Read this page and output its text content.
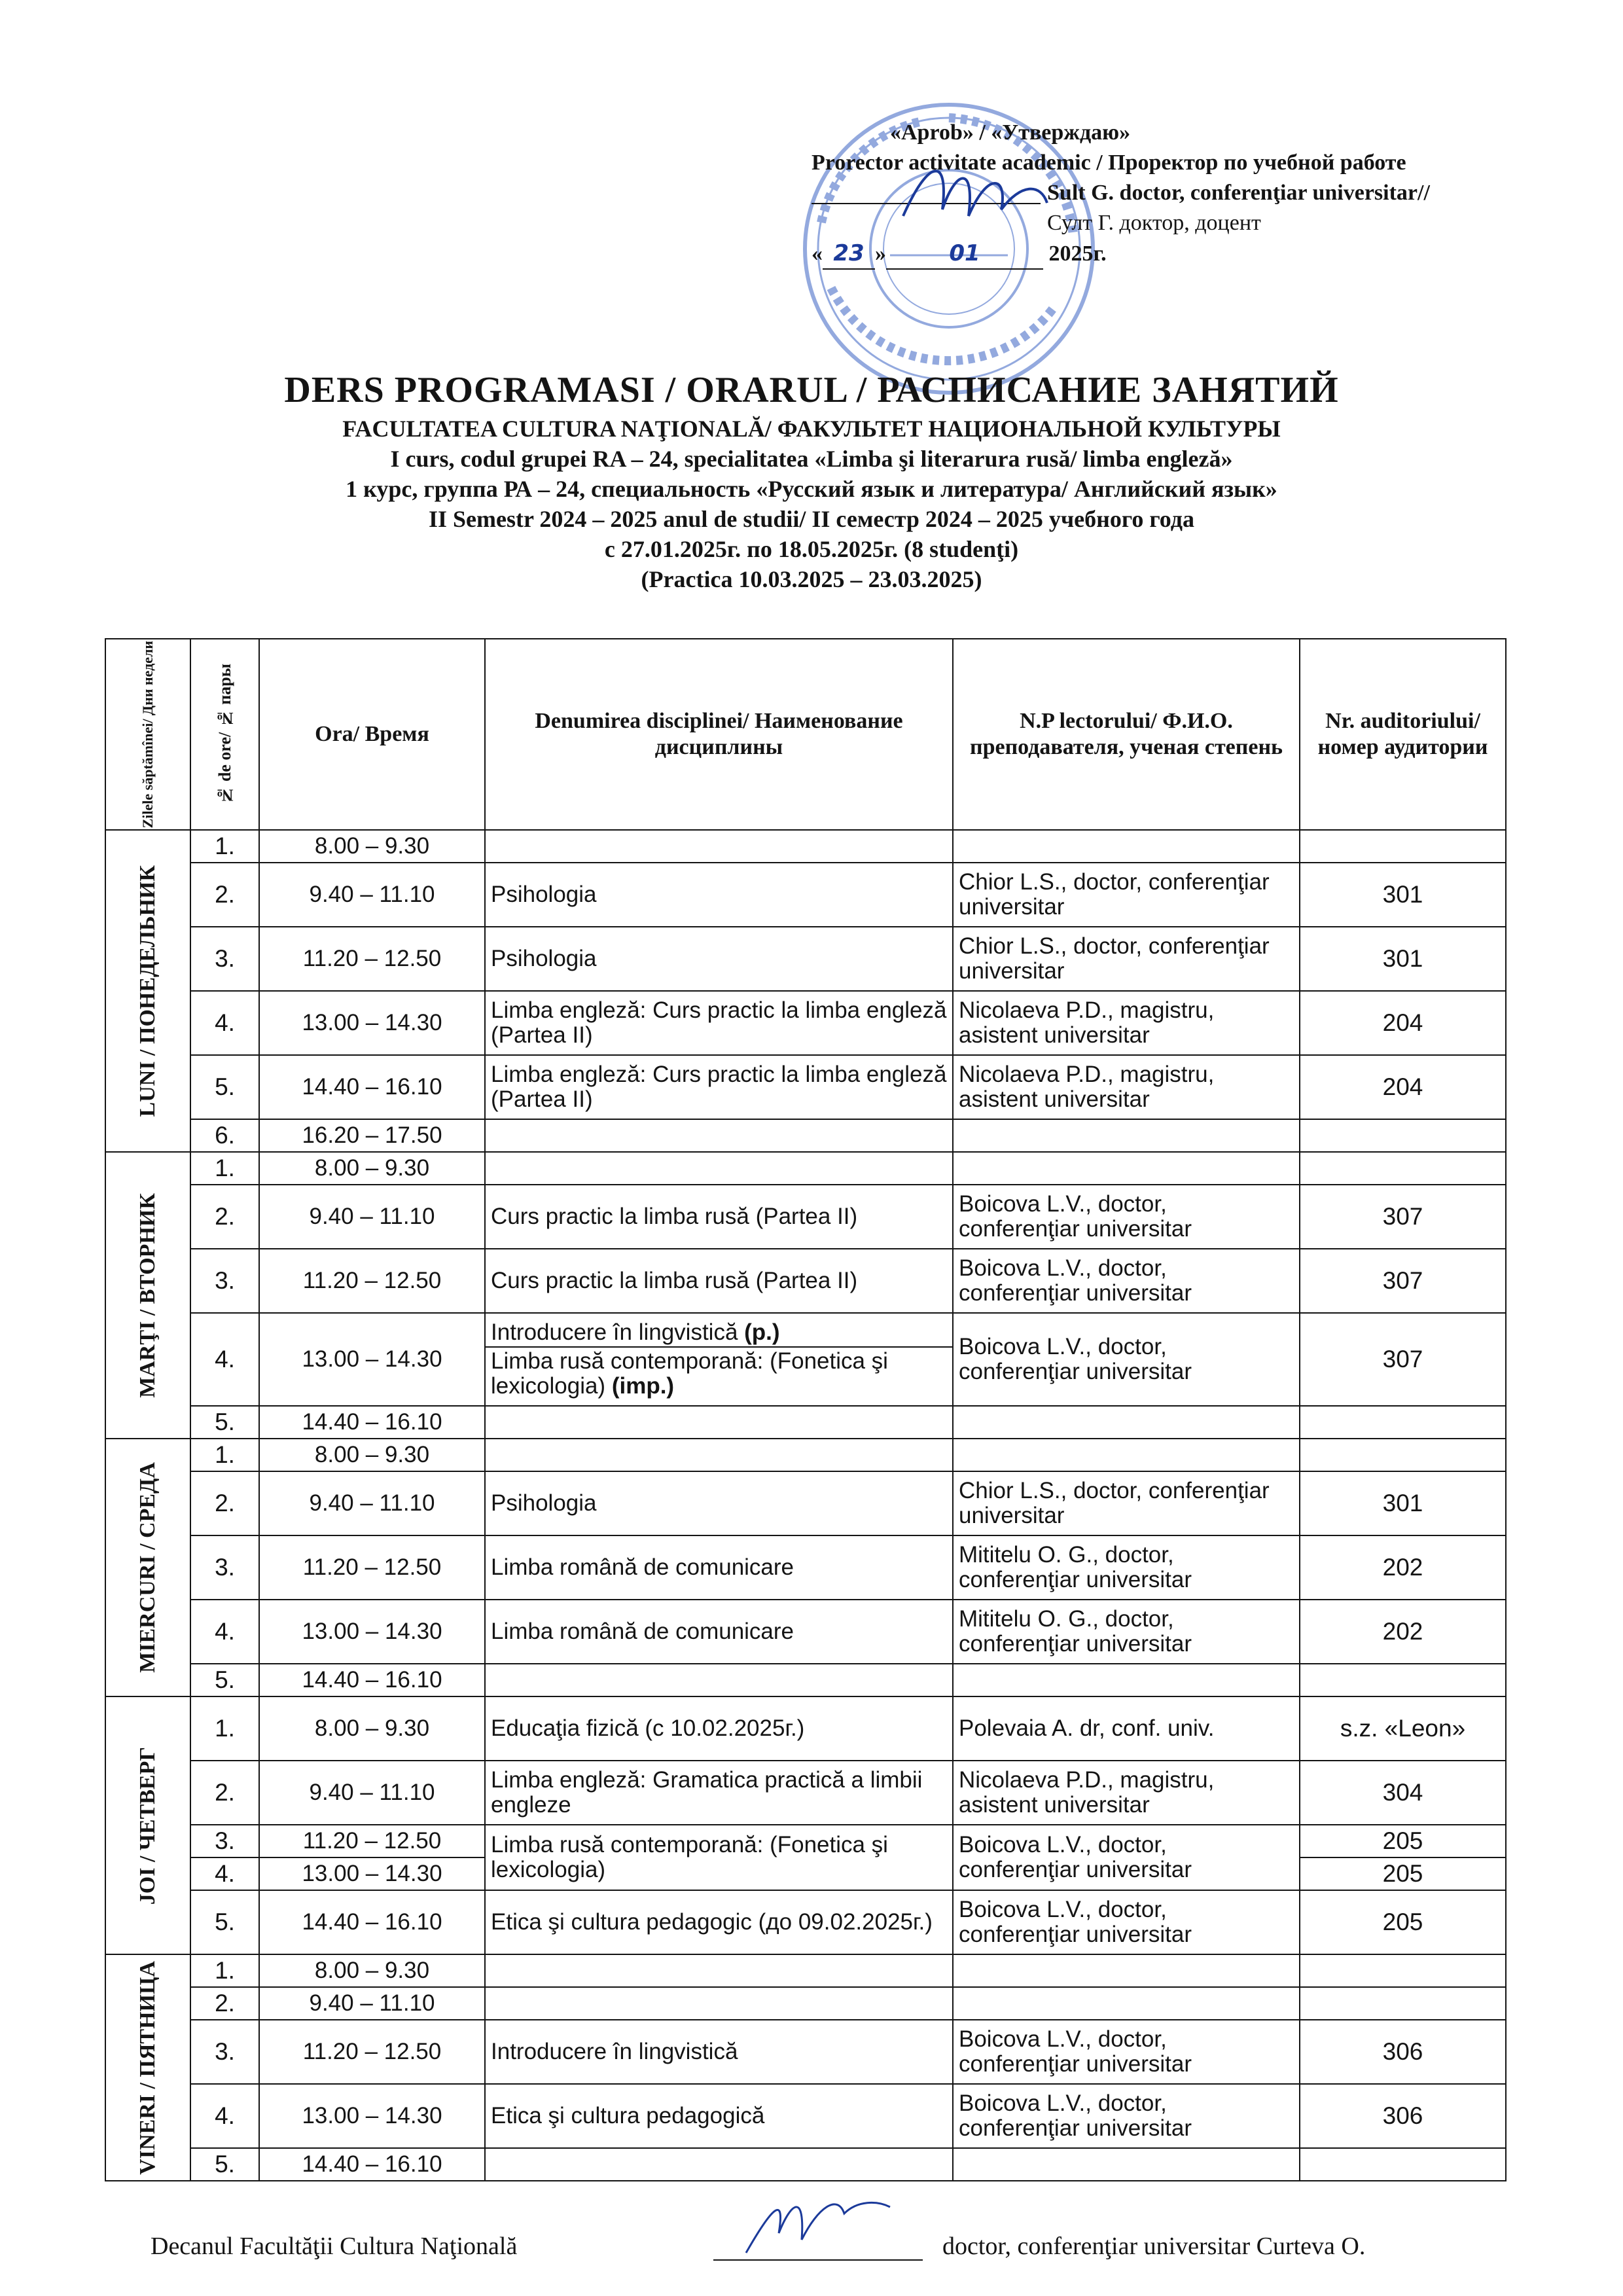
«Aprob» / «Утверждаю»
Prorector activitate academic / Проректор по учебной работе
Sult G. doctor, conferenţiar universitar//
Султ Г. доктор, доцент
« 23 »	01	2025г.
DERS PROGRAMASI / ORARUL / РАСПИСАНИЕ ЗАНЯТИЙ
FACULTATEA CULTURA NAŢIONALĂ/ ФАКУЛЬТЕТ НАЦИОНАЛЬНОЙ КУЛЬТУРЫ
I curs, codul grupei RA – 24, specialitatea «Limba şi literarura rusă/ limba engleză»
1 курс, группа РА – 24, специальность «Русский язык и литература/ Английский язык»
II Semestr 2024 – 2025 anul de studii/ II семестр 2024 – 2025 учебного года
с 27.01.2025г. по 18.05.2025г. (8 studenţi)
(Practica 10.03.2025 – 23.03.2025)
Zilele săptămînei/ Дни недели	№ de ore/ № пары	Ora/ Время	Denumirea disciplinei/ Наименование дисциплины	N.P lectorului/ Ф.И.О. преподавателя, ученая степень	Nr. auditoriului/ номер аудитории

LUNI / ПОНЕДЕЛЬНИК	1.	8.00 – 9.30			
	2.	9.40 – 11.10	Psihologia	Chior L.S., doctor, conferenţiar universitar	301
	3.	11.20 – 12.50	Psihologia	Chior L.S., doctor, conferenţiar universitar	301
	4.	13.00 – 14.30	Limba engleză: Curs practic la limba engleză (Partea II)	Nicolaeva P.D., magistru, asistent universitar	204
	5.	14.40 – 16.10	Limba engleză: Curs practic la limba engleză (Partea II)	Nicolaeva P.D., magistru, asistent universitar	204
	6.	16.20 – 17.50			

MARŢI / ВТОРНИК	1.	8.00 – 9.30			
	2.	9.40 – 11.10	Curs practic la limba rusă (Partea II)	Boicova L.V., doctor, conferenţiar universitar	307
	3.	11.20 – 12.50	Curs practic la limba rusă (Partea II)	Boicova L.V., doctor, conferenţiar universitar	307
	4.	13.00 – 14.30	Introducere în lingvistică (p.)
Limba rusă contemporană: (Fonetica şi lexicologia) (imp.)	Boicova L.V., doctor, conferenţiar universitar	307
	5.	14.40 – 16.10			

MIERCURI / СРЕДА	1.	8.00 – 9.30			
	2.	9.40 – 11.10	Psihologia	Chior L.S., doctor, conferenţiar universitar	301
	3.	11.20 – 12.50	Limba română de comunicare	Mititelu O. G., doctor, conferenţiar universitar	202
	4.	13.00 – 14.30	Limba română de comunicare	Mititelu O. G., doctor, conferenţiar universitar	202
	5.	14.40 – 16.10			

JOI / ЧЕТВЕРГ	1.	8.00 – 9.30	Educaţia fizică (с 10.02.2025г.)	Polevaia A. dr, conf. univ.	s.z. «Leon»
	2.	9.40 – 11.10	Limba engleză: Gramatica practică a limbii engleze	Nicolaeva P.D., magistru, asistent universitar	304
	3.	11.20 – 12.50	Limba rusă contemporană: (Fonetica şi lexicologia)	Boicova L.V., doctor, conferenţiar universitar	205
	4.	13.00 – 14.30			205
	5.	14.40 – 16.10	Etica şi cultura pedagogic (до 09.02.2025г.)	Boicova L.V., doctor, conferenţiar universitar	205

VINERI / ПЯТНИЦА	1.	8.00 – 9.30			
	2.	9.40 – 11.10			
	3.	11.20 – 12.50	Introducere în lingvistică	Boicova L.V., doctor, conferenţiar universitar	306
	4.	13.00 – 14.30	Etica şi cultura pedagogică	Boicova L.V., doctor, conferenţiar universitar	306
	5.	14.40 – 16.10			
Decanul Facultăţii Cultura Naţională	doctor, conferenţiar universitar Curteva O.
